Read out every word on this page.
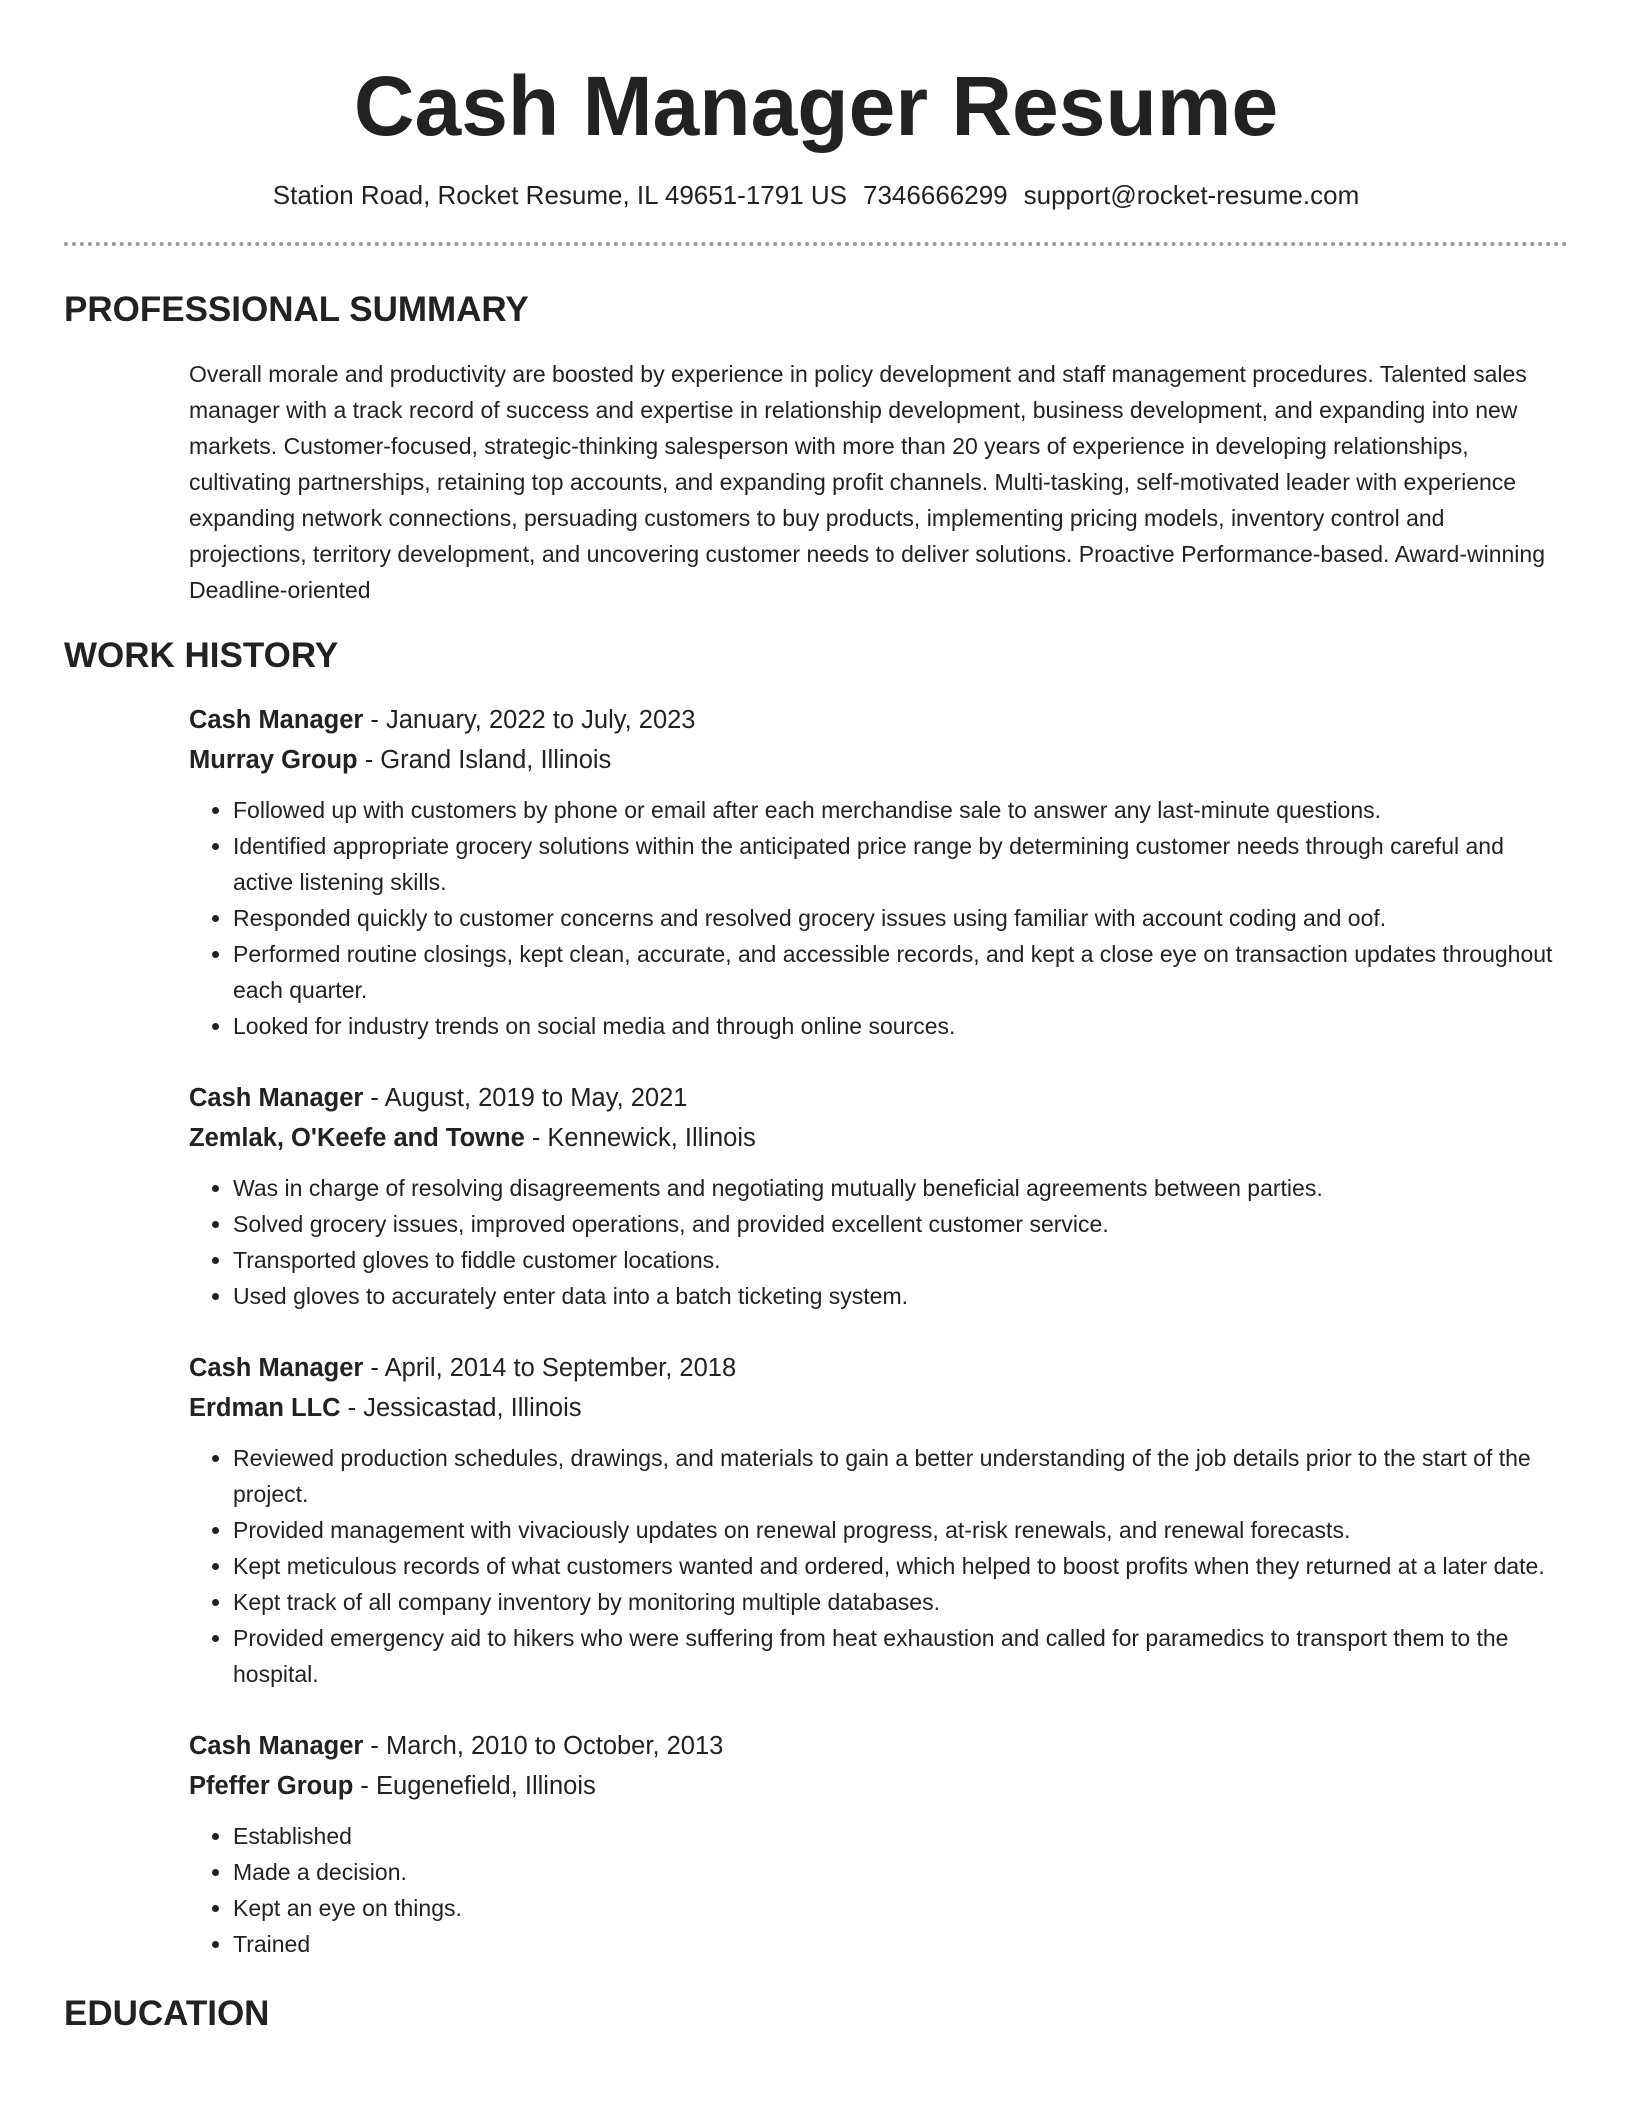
Cash Manager Resume
Station Road, Rocket Resume, IL 49651-1791 US 7346666299 support@rocket-resume.com
PROFESSIONAL SUMMARY
Overall morale and productivity are boosted by experience in policy development and staff management procedures. Talented sales manager with a track record of success and expertise in relationship development, business development, and expanding into new markets. Customer-focused, strategic-thinking salesperson with more than 20 years of experience in developing relationships, cultivating partnerships, retaining top accounts, and expanding profit channels. Multi-tasking, self-motivated leader with experience expanding network connections, persuading customers to buy products, implementing pricing models, inventory control and projections, territory development, and uncovering customer needs to deliver solutions. Proactive Performance-based. Award-winning Deadline-oriented
WORK HISTORY
Cash Manager - January, 2022 to July, 2023
Murray Group - Grand Island, Illinois
• Followed up with customers by phone or email after each merchandise sale to answer any last-minute questions.
• Identified appropriate grocery solutions within the anticipated price range by determining customer needs through careful and active listening skills.
• Responded quickly to customer concerns and resolved grocery issues using familiar with account coding and oof.
• Performed routine closings, kept clean, accurate, and accessible records, and kept a close eye on transaction updates throughout each quarter.
• Looked for industry trends on social media and through online sources.
Cash Manager - August, 2019 to May, 2021
Zemlak, O'Keefe and Towne - Kennewick, Illinois
• Was in charge of resolving disagreements and negotiating mutually beneficial agreements between parties.
• Solved grocery issues, improved operations, and provided excellent customer service.
• Transported gloves to fiddle customer locations.
• Used gloves to accurately enter data into a batch ticketing system.
Cash Manager - April, 2014 to September, 2018
Erdman LLC - Jessicastad, Illinois
• Reviewed production schedules, drawings, and materials to gain a better understanding of the job details prior to the start of the project.
• Provided management with vivaciously updates on renewal progress, at-risk renewals, and renewal forecasts.
• Kept meticulous records of what customers wanted and ordered, which helped to boost profits when they returned at a later date.
• Kept track of all company inventory by monitoring multiple databases.
• Provided emergency aid to hikers who were suffering from heat exhaustion and called for paramedics to transport them to the hospital.
Cash Manager - March, 2010 to October, 2013
Pfeffer Group - Eugenefield, Illinois
• Established
• Made a decision.
• Kept an eye on things.
• Trained
EDUCATION
